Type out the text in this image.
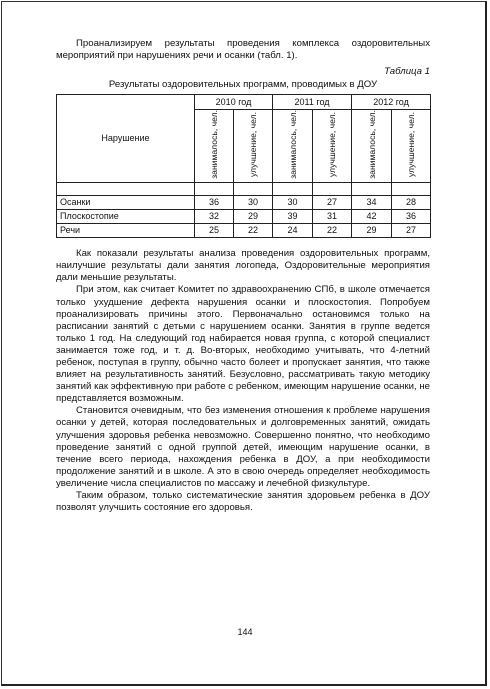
Проанализируем результаты проведения комплекса оздоровительных мероприятий при нарушениях речи и осанки (табл. 1).

Таблица 1
Результаты оздоровительных программ, проводимых в ДОУ
Нарушение	2010 год		2011 год		2012 год	
	занималось, чел.	улучшение, чел.	занималось, чел.	улучшение, чел.	занималось, чел.	улучшение, чел.

Осанки	36	30	30	27	34	28
Плоскостопие	32	29	39	31	42	36
Речи	25	22	24	22	29	27

Как показали результаты анализа проведения оздоровительных программ, наилучшие результаты дали занятия логопеда, Оздоровительные мероприятия дали меньшие результаты.

При этом, как считает Комитет по здравоохранению СПб, в школе отмечается только ухудшение дефекта нарушения осанки и плоскостопия. Попробуем проанализировать причины этого. Первоначально остановимся только на расписании занятий с детьми с нарушением осанки. Занятия в группе ведется только 1 год. На следующий год набирается новая группа, с которой специалист занимается тоже год, и т. д. Во-вторых, необходимо учитывать, что 4-летний ребенок, поступая в группу, обычно часто болеет и пропускает занятия, что также влияет на результативность занятий. Безусловно, рассматривать такую методику занятий как эффективную при работе с ребенком, имеющим нарушение осанки, не представляется возможным.

Становится очевидным, что без изменения отношения к проблеме нарушения осанки у детей, которая последовательных и долговременных занятий, ожидать улучшения здоровья ребенка невозможно. Совершенно понятно, что необходимо проведение занятий с одной группой детей, имеющим нарушение осанки, в течение всего периода, нахождения ребенка в ДОУ, а при необходимости продолжение занятий и в школе. А это в свою очередь определяет необходимость увеличение числа специалистов по массажу и лечебной физкультуре.

Таким образом, только систематические занятия здоровьем ребенка в ДОУ позволят улучшить состояние его здоровья.

144
